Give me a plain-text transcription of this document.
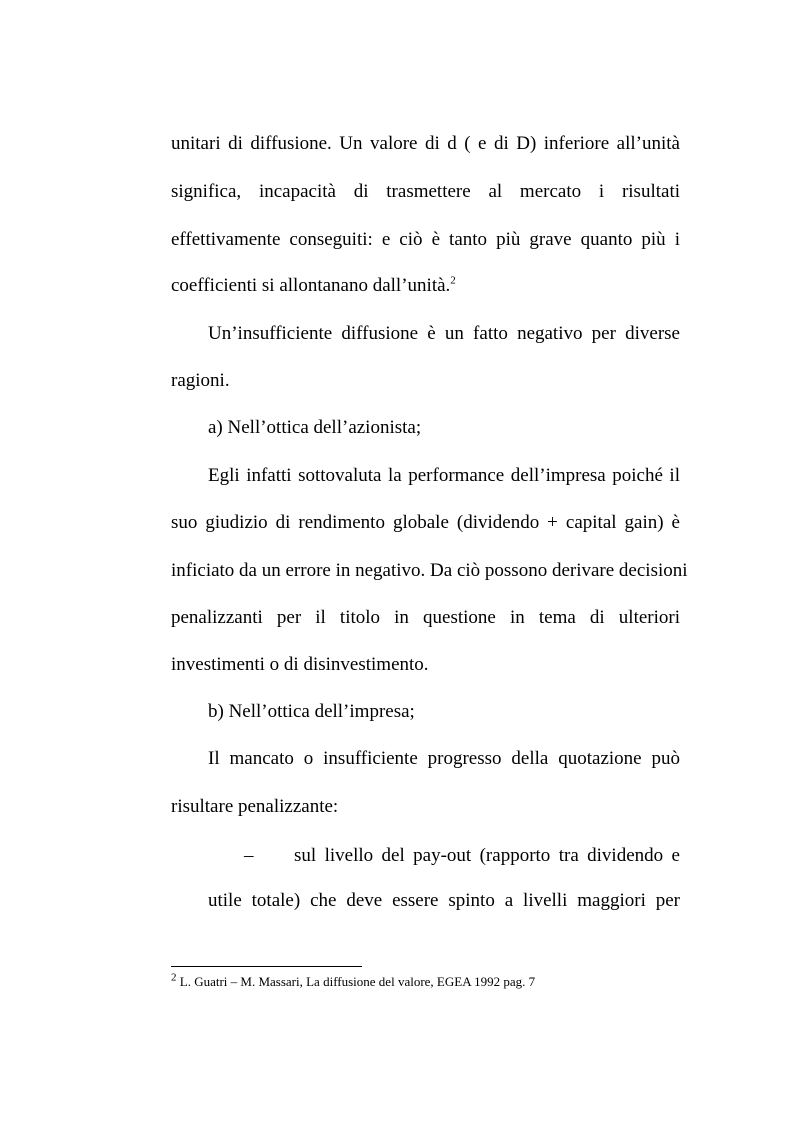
unitari di diffusione. Un valore di d ( e di D) inferiore all’unità
significa, incapacità di trasmettere al mercato i risultati
effettivamente conseguiti: e ciò è tanto più grave quanto più i
coefficienti si allontanano dall’unità.$^2$
Un’insufficiente diffusione è un fatto negativo per diverse
ragioni.
a) Nell’ottica dell’azionista;
Egli infatti sottovaluta la performance dell’impresa poiché il
suo giudizio di rendimento globale (dividendo + capital gain) è
inficiato da un errore in negativo. Da ciò possono derivare decisioni
penalizzanti per il titolo in questione in tema di ulteriori
investimenti o di disinvestimento.
b) Nell’ottica dell’impresa;
Il mancato o insufficiente progresso della quotazione può
risultare penalizzante:
– sul livello del pay-out (rapporto tra dividendo e
utile totale) che deve essere spinto a livelli maggiori per
$^2$ L. Guatri – M. Massari, La diffusione del valore, EGEA 1992 pag. 7
